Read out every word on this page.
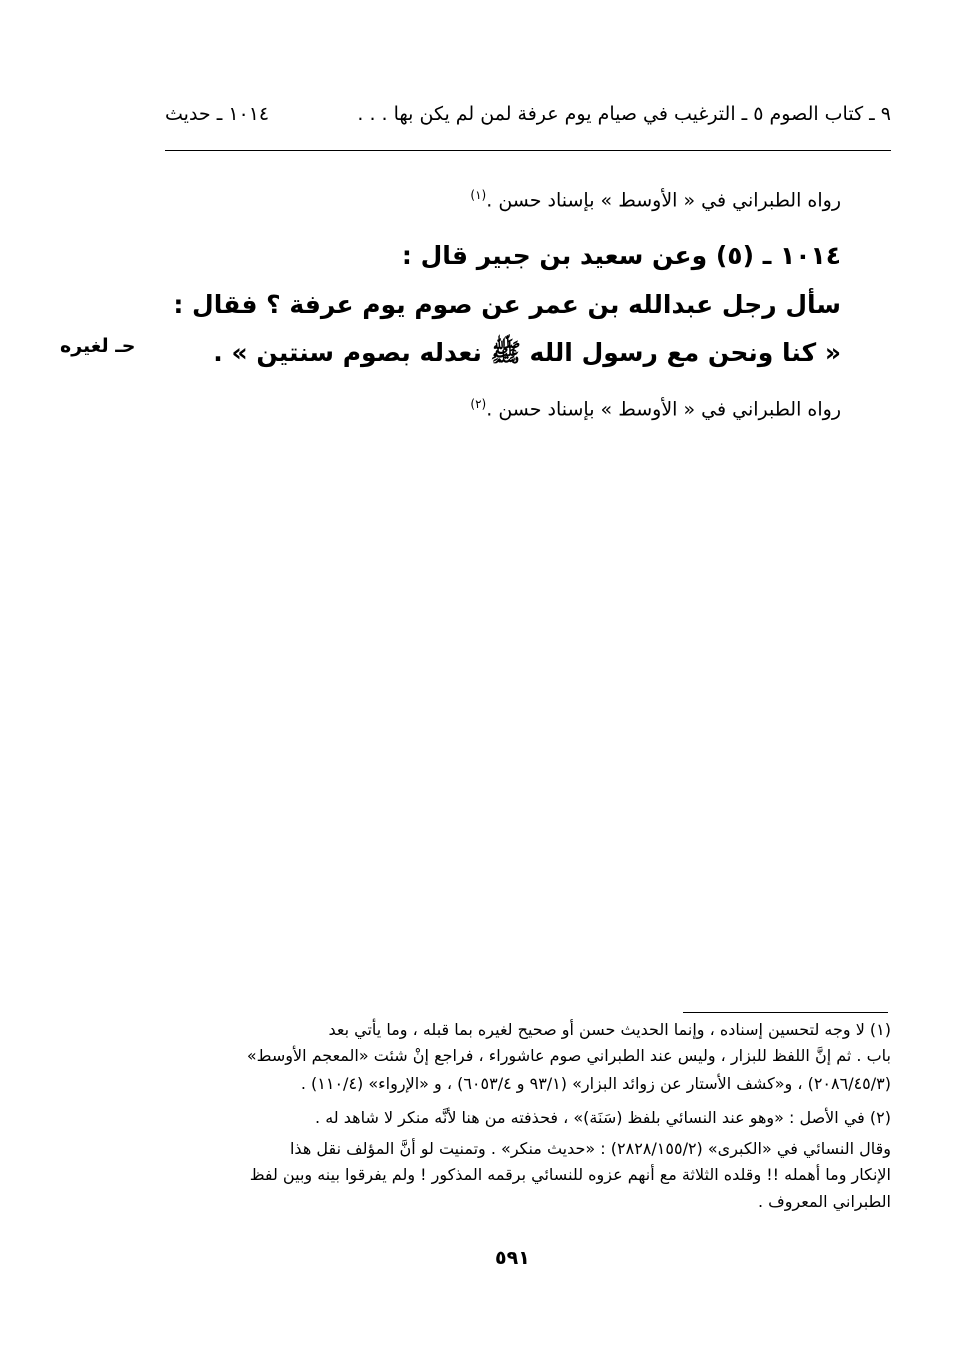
٩ ـ كتاب الصوم ٥ ـ الترغيب في صيام يوم عرفة لمن لم يكن بها . . .
١٠١٤ ـ حديث
رواه الطبراني في « الأوسط » بإسناد حسن .$^{(١)}$
١٠١٤ ـ (٥) وعن سعيد بن جبير قال :
سأل رجل عبدالله بن عمر عن صوم يوم عرفة ؟ فقال :
« كنا ونحن مع رسول الله ﷺ نعدله بصوم سنتين » .
رواه الطبراني في « الأوسط » بإسناد حسن .$^{(٢)}$
حـ لغيره
(١) لا وجه لتحسين إسناده ، وإنما الحديث حسن أو صحيح لغيره بما قبله ، وما يأتي بعد
باب . ثم إنَّ اللفظ للبزار ، وليس عند الطبراني صوم عاشوراء ، فراجع إنْ شئت «المعجم الأوسط»
(٢٠٨٦/٤٥/٣) ، و«كشف الأستار عن زوائد البزار» (٩٣/١ و ٦٠٥٣/٤) ، و «الإرواء» (١١٠/٤) .
(٢) في الأصل : «وهو عند النسائي بلفظ (سَنَة)» ، فحذفته من هنا لأنَّه منكر لا شاهد له .
وقال النسائي في «الكبرى» (٢٨٢٨/١٥٥/٢) : «حديث منكر» . وتمنيت لو أنَّ المؤلف نقل هذا
الإنكار وما أهمله !! وقلده الثلاثة مع أنهم عزوه للنسائي برقمه المذكور ! ولم يفرقوا بينه وبين لفظ
الطبراني المعروف .
٥٩١
